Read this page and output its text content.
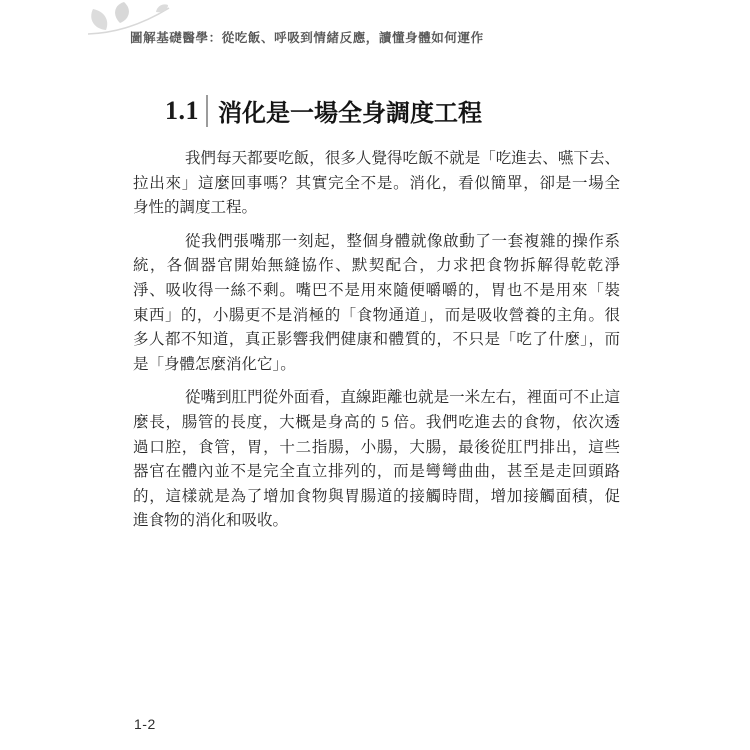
圖解基礎醫學：從吃飯、呼吸到情緒反應，讀懂身體如何運作
1.1 消化是一場全身調度工程
我們每天都要吃飯，很多人覺得吃飯不就是「吃進去、嚥下去、
拉出來」這麼回事嗎？其實完全不是。消化，看似簡單，卻是一場全
身性的調度工程。
從我們張嘴那一刻起，整個身體就像啟動了一套複雜的操作系
統，各個器官開始無縫協作、默契配合，力求把食物拆解得乾乾淨
淨、吸收得一絲不剩。嘴巴不是用來隨便嚼嚼的，胃也不是用來「裝
東西」的，小腸更不是消極的「食物通道」，而是吸收營養的主角。很
多人都不知道，真正影響我們健康和體質的，不只是「吃了什麼」，而
是「身體怎麼消化它」。
從嘴到肛門從外面看，直線距離也就是一米左右，裡面可不止這
麼長，腸管的長度，大概是身高的 5 倍。我們吃進去的食物，依次透
過口腔，食管，胃，十二指腸，小腸，大腸，最後從肛門排出，這些
器官在體內並不是完全直立排列的，而是彎彎曲曲，甚至是走回頭路
的，這樣就是為了增加食物與胃腸道的接觸時間，增加接觸面積，促
進食物的消化和吸收。
1-2
